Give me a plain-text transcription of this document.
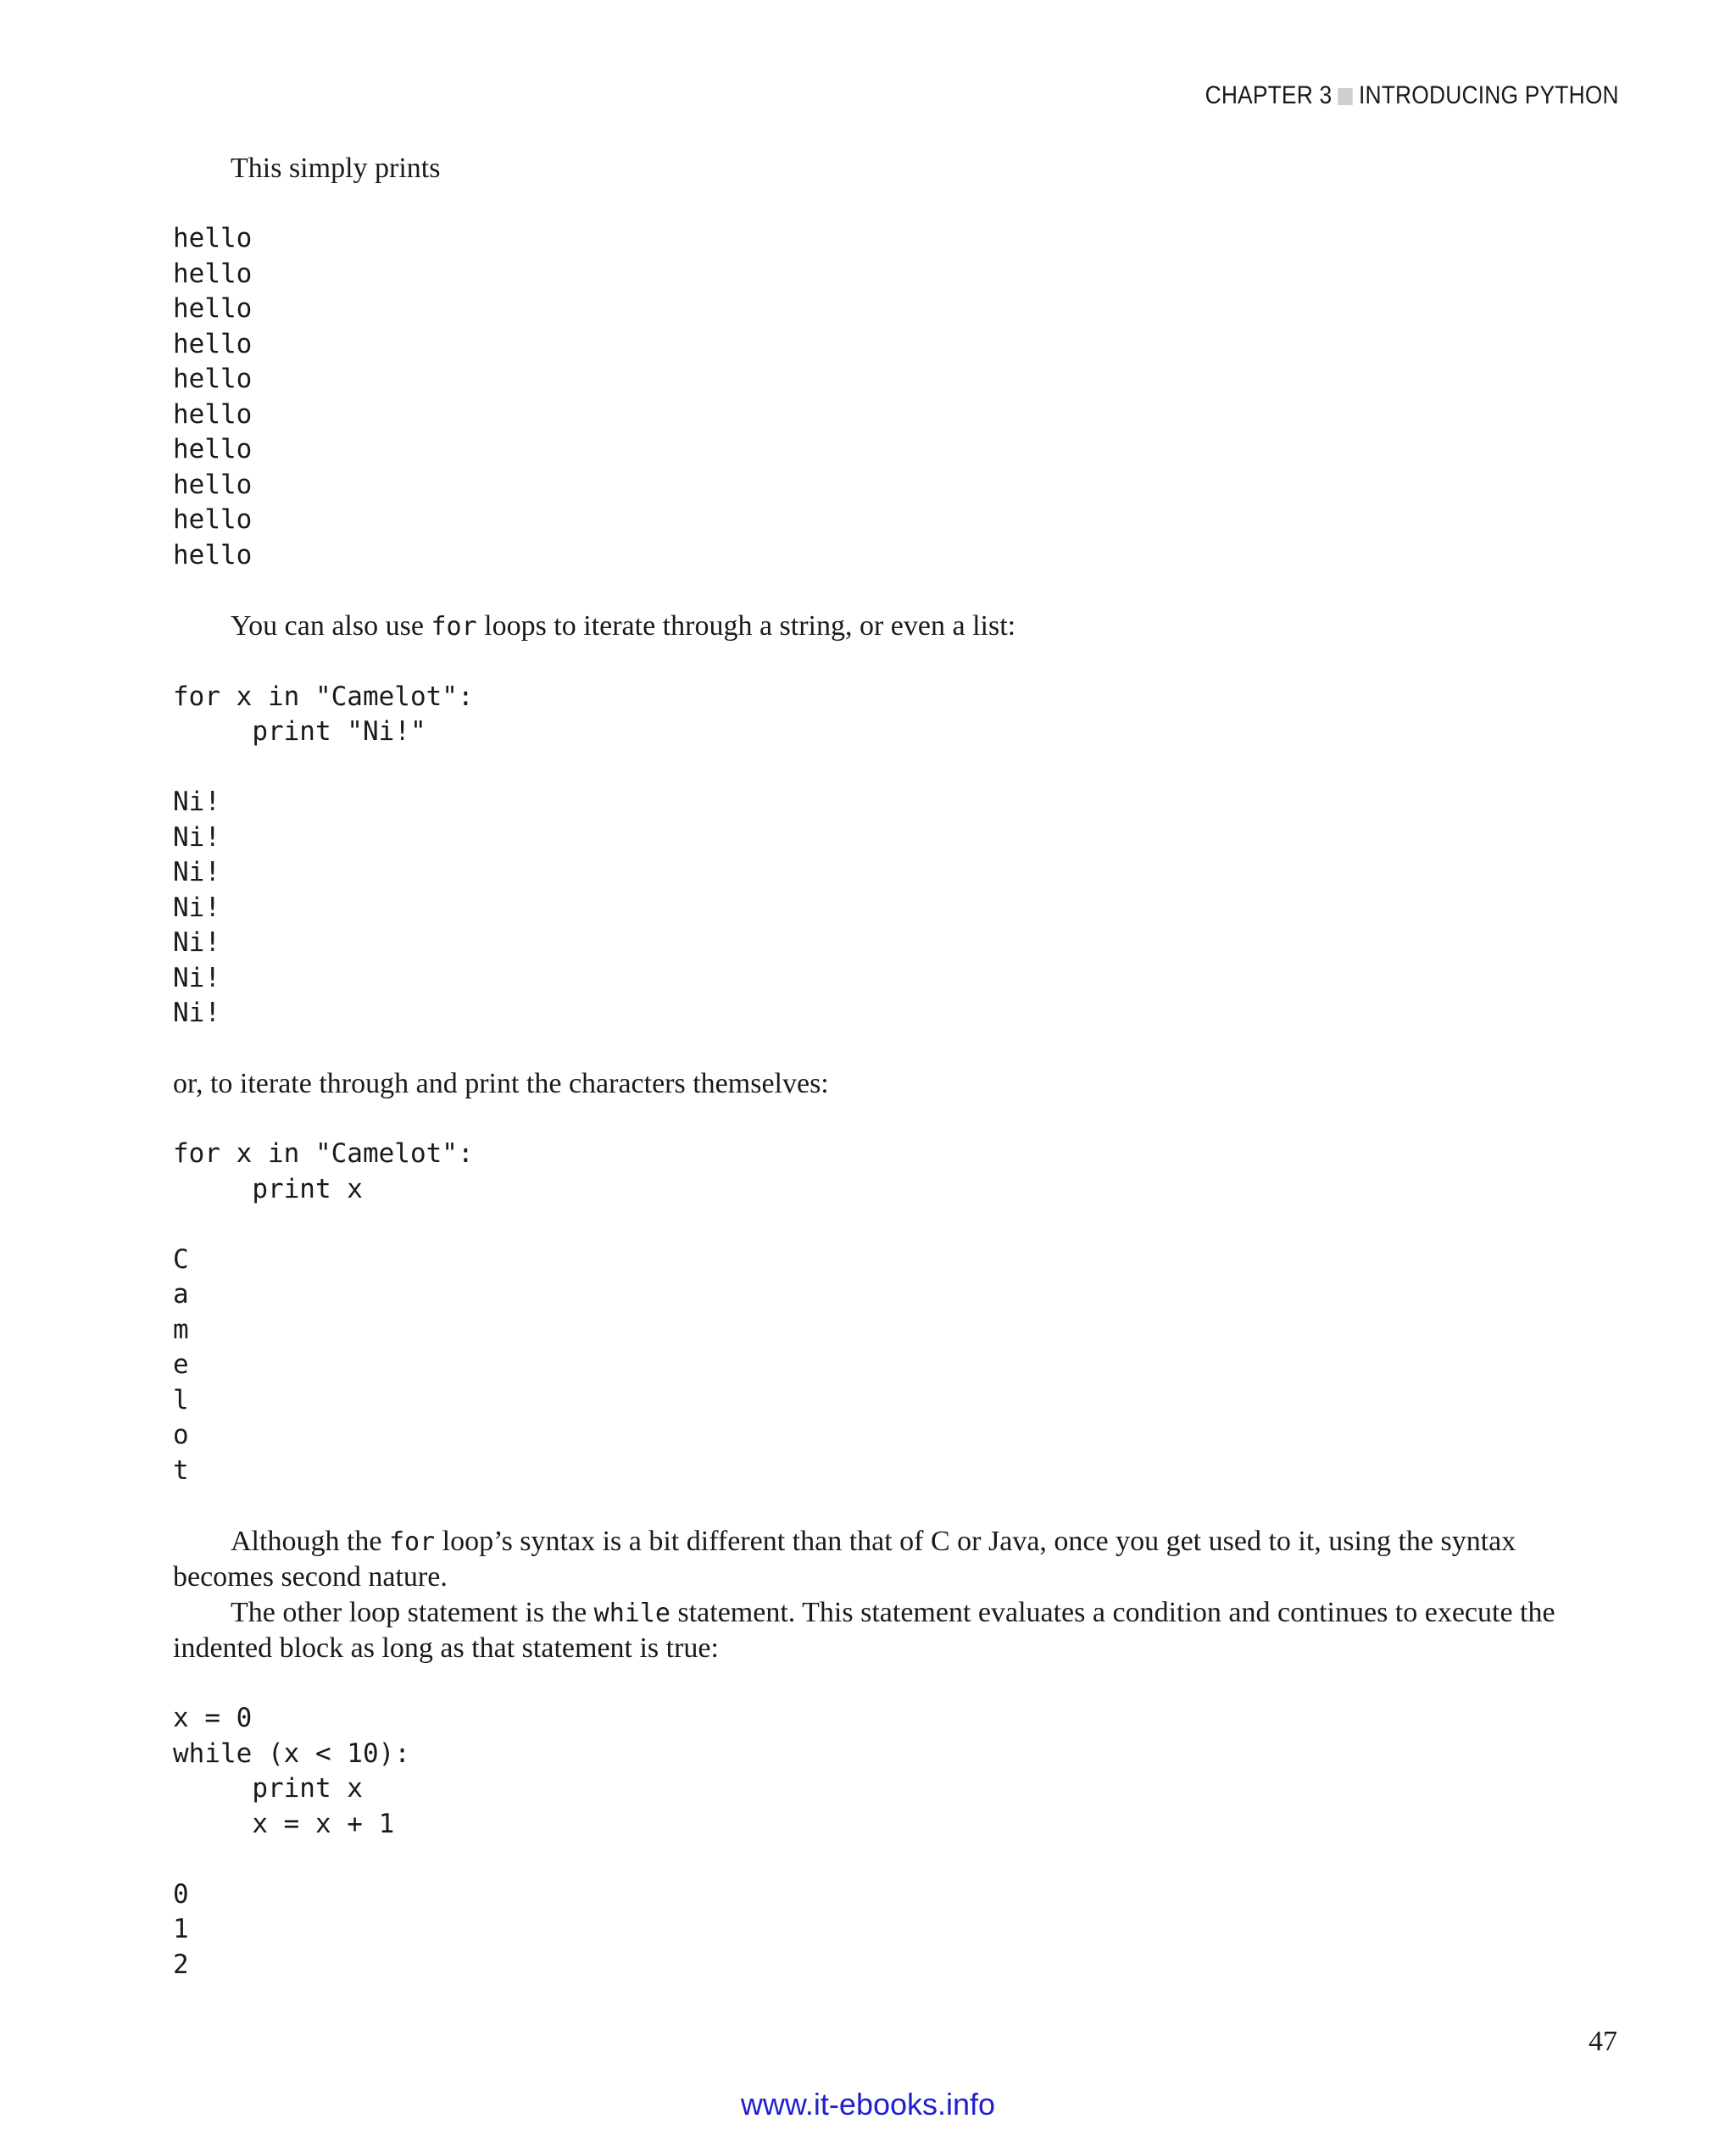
CHAPTER 3 INTRODUCING PYTHON

This simply prints

hello
hello
hello
hello
hello
hello
hello
hello
hello
hello

You can also use for loops to iterate through a string, or even a list:

for x in "Camelot":
print "Ni!"
Ni!
Ni!
Ni!
Ni!
Ni!
Ni!
Ni!

or, to iterate through and print the characters themselves:

for x in "Camelot":
print x
C
a
m
e
l
o
t

Although the for loop’s syntax is a bit different than that of C or Java, once you get used to it, using the syntax becomes second nature.

The other loop statement is the while statement. This statement evaluates a condition and continues to execute the indented block as long as that statement is true:

x = 0
while (x < 10):
print x
x = x + 1
0
1
2
47
www.it-ebooks.info
